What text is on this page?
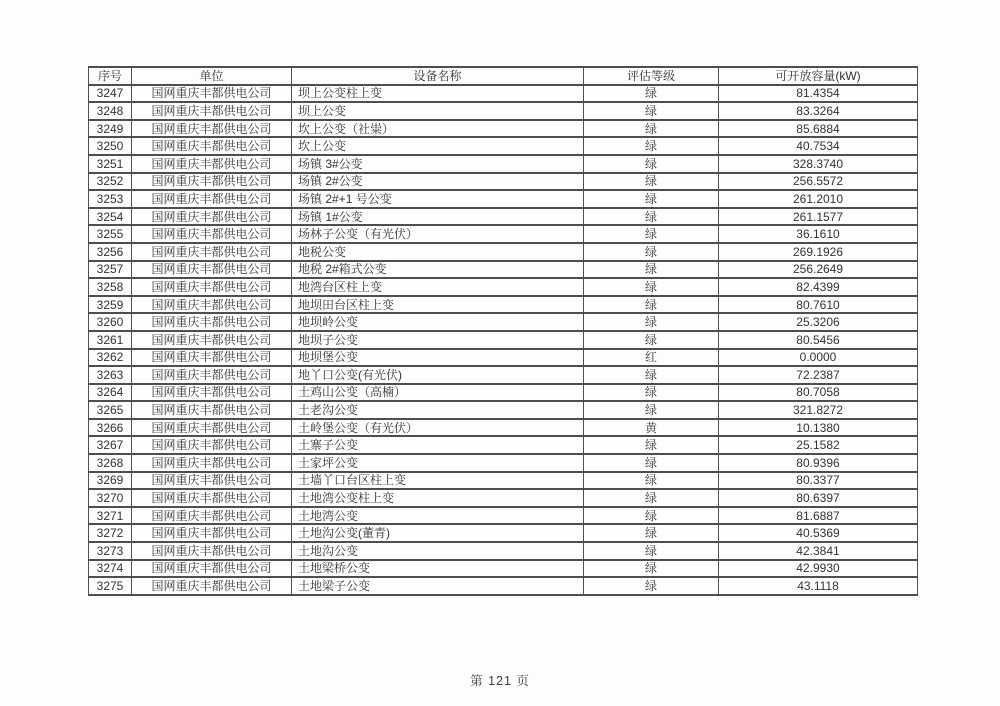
序号	单位	设备名称	评估等级	可开放容量(kW)
3247	国网重庆丰都供电公司	坝上公变柱上变	绿	81.4354
3248	国网重庆丰都供电公司	坝上公变	绿	83.3264
3249	国网重庆丰都供电公司	坎上公变（社粜）	绿	85.6884
3250	国网重庆丰都供电公司	坎上公变	绿	40.7534
3251	国网重庆丰都供电公司	场镇 3#公变	绿	328.3740
3252	国网重庆丰都供电公司	场镇 2#公变	绿	256.5572
3253	国网重庆丰都供电公司	场镇 2#+1 号公变	绿	261.2010
3254	国网重庆丰都供电公司	场镇 1#公变	绿	261.1577
3255	国网重庆丰都供电公司	场林子公变（有光伏）	绿	36.1610
3256	国网重庆丰都供电公司	地税公变	绿	269.1926
3257	国网重庆丰都供电公司	地税 2#箱式公变	绿	256.2649
3258	国网重庆丰都供电公司	地湾台区柱上变	绿	82.4399
3259	国网重庆丰都供电公司	地坝田台区柱上变	绿	80.7610
3260	国网重庆丰都供电公司	地坝岭公变	绿	25.3206
3261	国网重庆丰都供电公司	地坝子公变	绿	80.5456
3262	国网重庆丰都供电公司	地坝堡公变	红	0.0000
3263	国网重庆丰都供电公司	地丫口公变(有光伏)	绿	72.2387
3264	国网重庆丰都供电公司	土鸡山公变（高楠）	绿	80.7058
3265	国网重庆丰都供电公司	土老沟公变	绿	321.8272
3266	国网重庆丰都供电公司	土岭堡公变（有光伏）	黄	10.1380
3267	国网重庆丰都供电公司	土寨子公变	绿	25.1582
3268	国网重庆丰都供电公司	土家坪公变	绿	80.9396
3269	国网重庆丰都供电公司	土墙丫口台区柱上变	绿	80.3377
3270	国网重庆丰都供电公司	土地湾公变柱上变	绿	80.6397
3271	国网重庆丰都供电公司	土地湾公变	绿	81.6887
3272	国网重庆丰都供电公司	土地沟公变(董青)	绿	40.5369
3273	国网重庆丰都供电公司	土地沟公变	绿	42.3841
3274	国网重庆丰都供电公司	土地梁桥公变	绿	42.9930
3275	国网重庆丰都供电公司	土地梁子公变	绿	43.1118
第 121 页
